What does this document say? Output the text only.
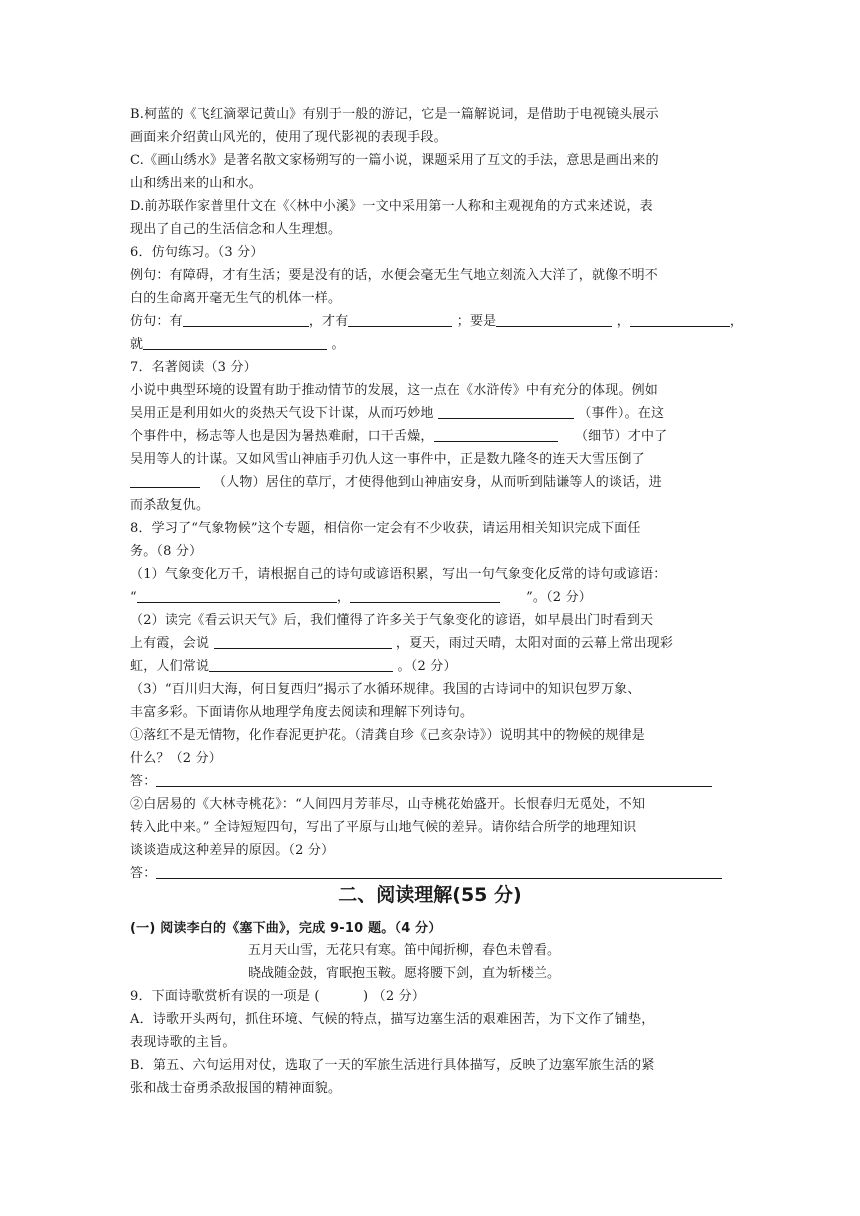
B.柯蓝的《飞红滴翠记黄山》有别于一般的游记，它是一篇解说词，是借助于电视镜头展示
画面来介绍黄山风光的，使用了现代影视的表现手段。
C.《画山绣水》是著名散文家杨朔写的一篇小说，课题采用了互文的手法，意思是画出来的
山和绣出来的山和水。
D.前苏联作家普里什文在《〈林中小溪》一文中采用第一人称和主观视角的方式来述说，表
现出了自己的生活信念和人生理想。
6．仿句练习。（3 分）
例句：有障碍，才有生活；要是没有的话，水便会毫无生气地立刻流入大洋了，就像不明不
白的生命离开毫无生气的机体一样。
仿句：有	，才有	；要是	，	，
就	。
7．名著阅读（3 分）
小说中典型环境的设置有助于推动情节的发展，这一点在《水浒传》中有充分的体现。例如
吴用正是利用如火的炎热天气设下计谋，从而巧妙地	（事件）。在这
个事件中，杨志等人也是因为暑热难耐，口干舌燥，	（细节）才中了
吴用等人的计谋。又如风雪山神庙手刃仇人这一事件中，正是数九隆冬的连天大雪压倒了
（人物）居住的草厅，才使得他到山神庙安身，从而听到陆谦等人的谈话，进
而杀敌复仇。
8．学习了“气象物候”这个专题，相信你一定会有不少收获，请运用相关知识完成下面任
务。（8 分）
（1）气象变化万千，请根据自己的诗句或谚语积累，写出一句气象变化反常的诗句或谚语：
“	，	”。（2 分）
（2）读完《看云识天气》后，我们懂得了许多关于气象变化的谚语，如早晨出门时看到天
上有霞，会说	，夏天，雨过天晴，太阳对面的云幕上常出现彩
虹，人们常说	。（2 分）
（3）“百川归大海，何日复西归”揭示了水循环规律。我国的古诗词中的知识包罗万象、
丰富多彩。下面请你从地理学角度去阅读和理解下列诗句。
①落红不是无情物，化作春泥更护花。（清龚自珍《己亥杂诗》）说明其中的物候的规律是
什么？（2 分）
答：
②白居易的《大林寺桃花》：“人间四月芳菲尽，山寺桃花始盛开。长恨春归无觅处，不知
转入此中来。” 全诗短短四句，写出了平原与山地气候的差异。请你结合所学的地理知识
谈谈造成这种差异的原因。（2 分）
答：
二、阅读理解(55 分)
(一) 阅读李白的《塞下曲》，完成 9-10 题。（4 分）
五月天山雪，无花只有寒。笛中闻折柳，春色未曾看。
晓战随金鼓，宵眠抱玉鞍。愿将腰下剑，直为斩楼兰。
9．下面诗歌赏析有误的一项是 (	) （2 分）
A．诗歌开头两句，抓住环境、气候的特点，描写边塞生活的艰难困苦，为下文作了铺垫，
表现诗歌的主旨。
B．第五、六句运用对仗，选取了一天的军旅生活进行具体描写，反映了边塞军旅生活的紧
张和战士奋勇杀敌报国的精神面貌。
